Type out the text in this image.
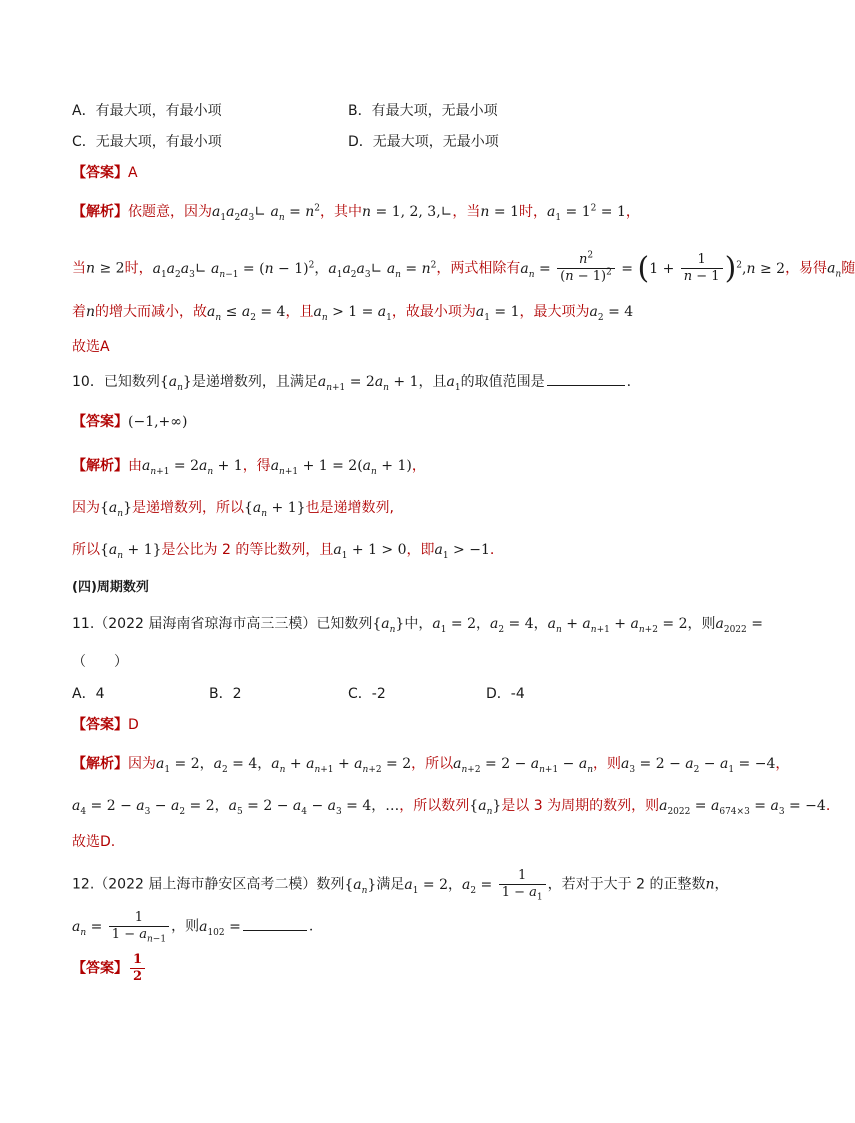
A．有最大项，有最小项	B．有最大项，无最小项
C．无最大项，有最小项	D．无最大项，无最小项
【答案】A
【解析】依题意，因为$a_1a_2a_3∟$ $a_n = n^2$，其中n = 1, 2, 3,∟，当n = 1时，$a_1 = 1^2 = 1$，
当n ≥ 2时，$a_1a_2a_3∟$ $a_{n-1} = (n - 1)^2$，$a_1a_2a_3∟$ $a_n = n^2$，两式相除有$a_n = \frac{n^2}{(n - 1)^2} = (1 + \frac{1}{n - 1} )^2,n \ge 2$，易得$a_n$随
着n的增大而减小，故$a_n \le a_2 = 4$，且$a_n > 1 = a_1$，故最小项为$a_1 = 1$，最大项为$a_2 = 4$
故选A
10．已知数列$\{a_n\}$是递增数列，且满足$a_{n+1} = 2a_n + 1$，且$a_1$的取值范围是	.
【答案】(−1,+∞)
【解析】由$a_{n+1} = 2a_n + 1$，得$a_{n+1} + 1 = 2(a_n + 1)$，
因为$\{a_n\}$是递增数列，所以$\{a_n + 1\}$也是递增数列,
所以$\{a_n + 1\}$是公比为 2 的等比数列，且$a_1 + 1 > 0$，即$a_1 > -1$.
(四)周期数列
11.（2022 届海南省琼海市高三三模）已知数列$\{a_n\}$中，$a_1 = 2$，$a_2 = 4$，$a_n + a_{n+1} + a_{n+2} = 2$，则$a_{2022}$ =
（　　）
A．4	B．2	C．-2	D．-4
【答案】D
【解析】因为$a_1 = 2$，$a_2 = 4$，$a_n + a_{n+1} + a_{n+2} = 2$，所以$a_{n+2} = 2 - a_{n+1} - a_n$，则$a_3 = 2 - a_2 - a_1 = -4$，
$a_4 = 2 - a_3 - a_2 = 2$，$a_5 = 2 - a_4 - a_3 = 4$，…，所以数列$\{a_n\}$是以 3 为周期的数列，则$a_{2022} = a_{674\times 3} = a_3 = -4$.
故选D.
12.（2022 届上海市静安区高考二模）数列$\{a_n\}$满足$a_1 = 2$，$a_2 = \frac{1}{1 - a_1}$ ，若对于大于 2 的正整数n，
$a_n = \frac{1}{1 - a_{n-1}}$ ，则$a_{102}$ =	.
【答案】 $\frac{1}{2}$
